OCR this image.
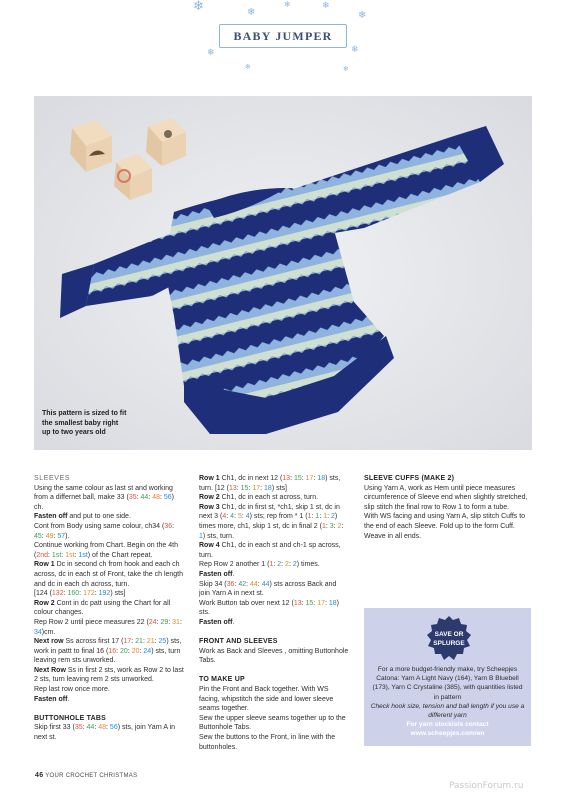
❄	❄
❄	❄
❄
❄	❄
❄
❄
BABY JUMPER
This pattern is sized to fit
the smallest baby right
up to two years old
SLEEVES

Using the same colour as last st and working from a differnet ball, make 33 (35: 44: 48: 56) ch.

Fasten off and put to one side.

Cont from Body using same colour, ch34 (36: 45: 49: 57).

Continue working from Chart. Begin on the 4th (2nd: 1st: 1st: 1st) of the Chart repeat.

Row 1 Dc in second ch from hook and each ch across, dc in each st of Front, take the ch length and dc in each ch across, turn.

[124 (132: 160: 172: 192) sts]

Row 2 Cont in dc patt using the Chart for all colour changes.

Rep Row 2 until piece measures 22 (24: 29: 31: 34)cm.

Next row Ss across first 17 (17: 21: 21: 25) sts, work in pattt to final 16 (16: 20: 20: 24) sts, turn leaving rem sts unworked.

Next Row Ss in first 2 sts, work as Row 2 to last 2 sts, turn leaving rem 2 sts unworked.

Rep last row once more.

Fasten off.

BUTTONHOLE TABS

Skip first 33 (35: 44: 48: 56) sts, join Yarn A in next st.

Row 1 Ch1, dc in next 12 (13: 15: 17: 18) sts, turn. [12 (13: 15: 17: 18) sts]

Row 2 Ch1, dc in each st across, turn.

Row 3 Ch1, dc in first st, *ch1, skip 1 st, dc in next 3 (4: 4: 5: 4) sts; rep from * 1 (1: 1: 1: 2) times more, ch1, skip 1 st, dc in final 2 (1: 3: 2: 1) sts, turn.

Row 4 Ch1, dc in each st and ch-1 sp across, turn.

Rep Row 2 another 1 (1: 2: 2: 2) times.

Fasten off.

Skip 34 (36: 42: 44: 44) sts across Back and join Yarn A in next st.

Work Button tab over next 12 (13: 15: 17: 18) sts.

Fasten off.

FRONT AND SLEEVES

Work as Back and Sleeves , omitting Buttonhole Tabs.

TO MAKE UP

Pin the Front and Back together. With WS facing, whipstitch the side and lower sleeve seams together.

Sew the upper sleeve seams together up to the Buttonhole Tabs.

Sew the buttons to the Front, in line with the buttonholes.

SLEEVE CUFFS (MAKE 2)

Using Yarn A, work as Hem until piece measures circumference of Sleeve end when slightly stretched, slip stitch the final row to Row 1 to form a tube.

With WS facing and using Yarn A, slip stitch Cuffs to the end of each Sleeve. Fold up to the form Cuff.

Weave in all ends.

SAVE OR
SPLURGE
For a more budget-friendly make, try Scheepjes Catona: Yarn A Light Navy (164), Yarn B Bluebell (173), Yarn C Crystaline (385), with quantities listed in pattern
Check hook size, tension and ball length if you use a different yarn
For yarn stockists contact
www.scheepjes.com/en
46 YOUR CROCHET CHRISTMAS
PassionForum.ru
